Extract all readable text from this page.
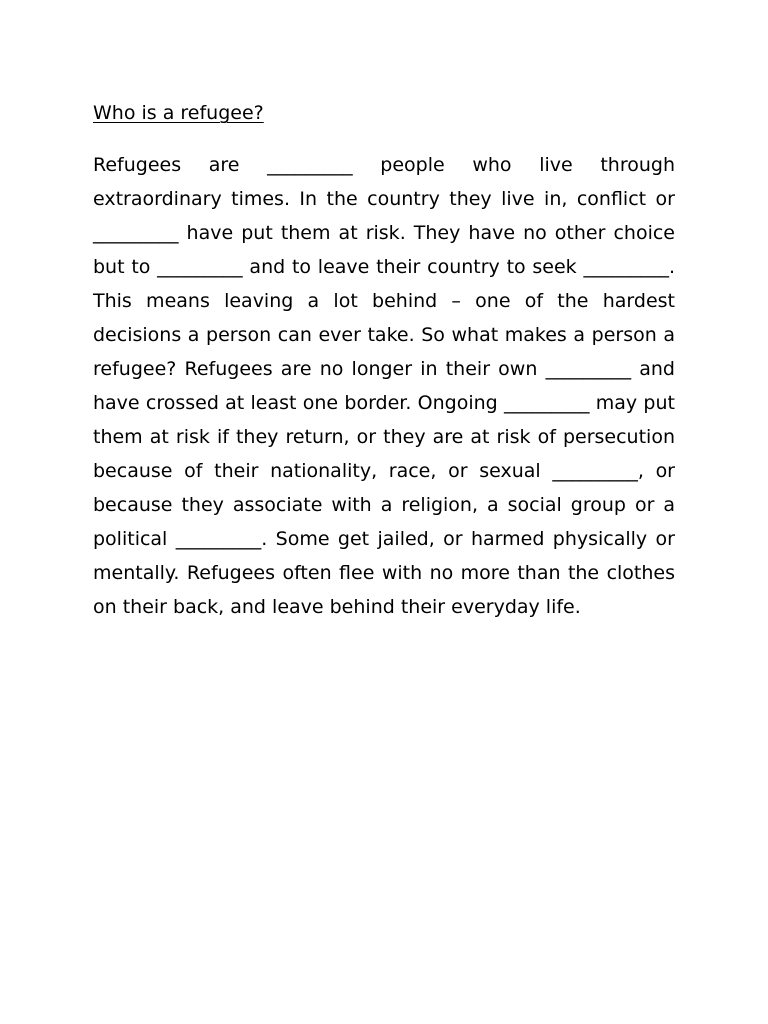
Who is a refugee?

Refugees are _________ people who live through extraordinary times. In the country they live in, conflict or _________ have put them at risk. They have no other choice but to _________ and to leave their country to seek _________. This means leaving a lot behind – one of the hardest decisions a person can ever take. So what makes a person a refugee? Refugees are no longer in their own _________ and have crossed at least one border. Ongoing _________ may put them at risk if they return, or they are at risk of persecution because of their nationality, race, or sexual _________, or because they associate with a religion, a social group or a political _________. Some get jailed, or harmed physically or mentally. Refugees often flee with no more than the clothes on their back, and leave behind their everyday life.
